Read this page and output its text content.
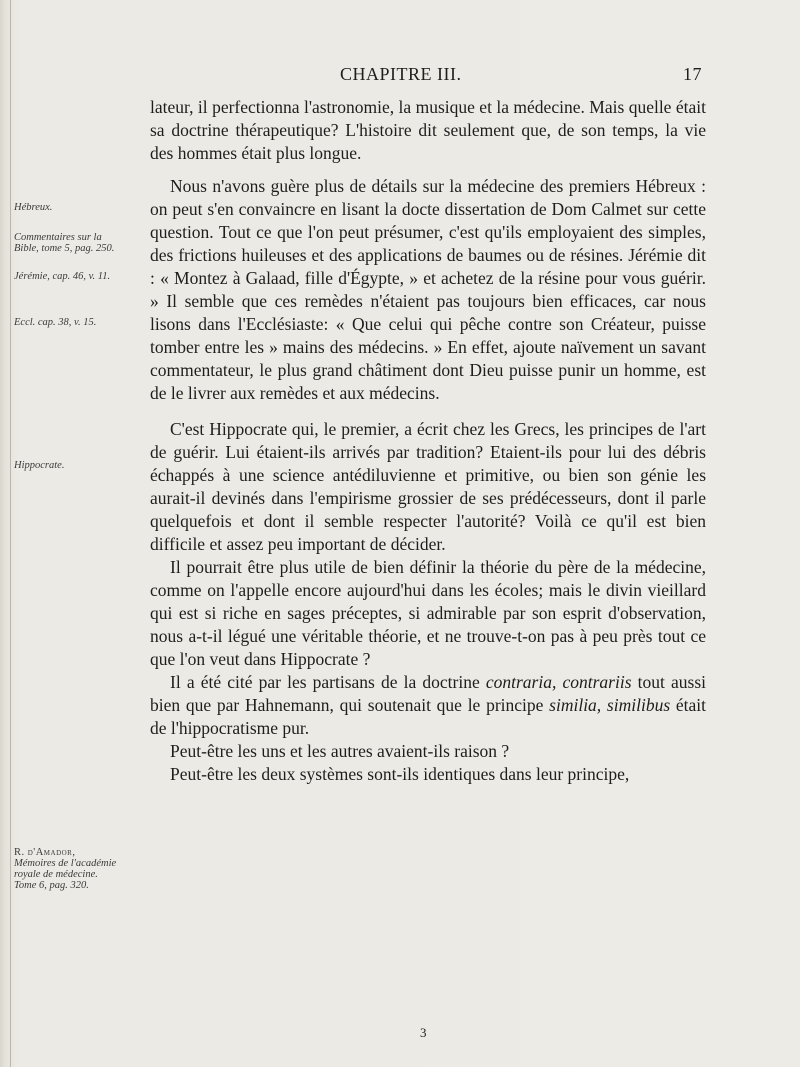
CHAPITRE III.	17
Hébreux.
Commentaires sur la Bible, tome 5, pag. 250.
Jérémie, cap. 46, v. 11.
Eccl. cap. 38, v. 15.
Hippocrate.
R. d'Amador,
Mémoires de l'académie royale de médecine. Tome 6, pag. 320.

lateur, il perfectionna l'astronomie, la musique et la médecine. Mais quelle était sa doctrine thérapeutique? L'histoire dit seulement que, de son temps, la vie des hommes était plus longue.

Nous n'avons guère plus de détails sur la médecine des premiers Hébreux : on peut s'en convaincre en lisant la docte dissertation de Dom Calmet sur cette question. Tout ce que l'on peut présumer, c'est qu'ils employaient des simples, des frictions huileuses et des applications de baumes ou de résines. Jérémie dit : « Montez à Galaad, fille d'Égypte, » et achetez de la résine pour vous guérir. » Il semble que ces remèdes n'étaient pas toujours bien efficaces, car nous lisons dans l'Ecclésiaste: « Que celui qui pêche contre son Créateur, puisse tomber entre les » mains des médecins. » En effet, ajoute naïvement un savant commentateur, le plus grand châtiment dont Dieu puisse punir un homme, est de le livrer aux remèdes et aux médecins.

C'est Hippocrate qui, le premier, a écrit chez les Grecs, les principes de l'art de guérir. Lui étaient-ils arrivés par tradition? Etaient-ils pour lui des débris échappés à une science antédiluvienne et primitive, ou bien son génie les aurait-il devinés dans l'empirisme grossier de ses prédécesseurs, dont il parle quelquefois et dont il semble respecter l'autorité? Voilà ce qu'il est bien difficile et assez peu important de décider.

Il pourrait être plus utile de bien définir la théorie du père de la médecine, comme on l'appelle encore aujourd'hui dans les écoles; mais le divin vieillard qui est si riche en sages préceptes, si admirable par son esprit d'observation, nous a-t-il légué une véritable théorie, et ne trouve-t-on pas à peu près tout ce que l'on veut dans Hippocrate ?

Il a été cité par les partisans de la doctrine contraria, contrariis tout aussi bien que par Hahnemann, qui soutenait que le principe similia, similibus était de l'hippocratisme pur.

Peut-être les uns et les autres avaient-ils raison ?

Peut-être les deux systèmes sont-ils identiques dans leur principe,

3
